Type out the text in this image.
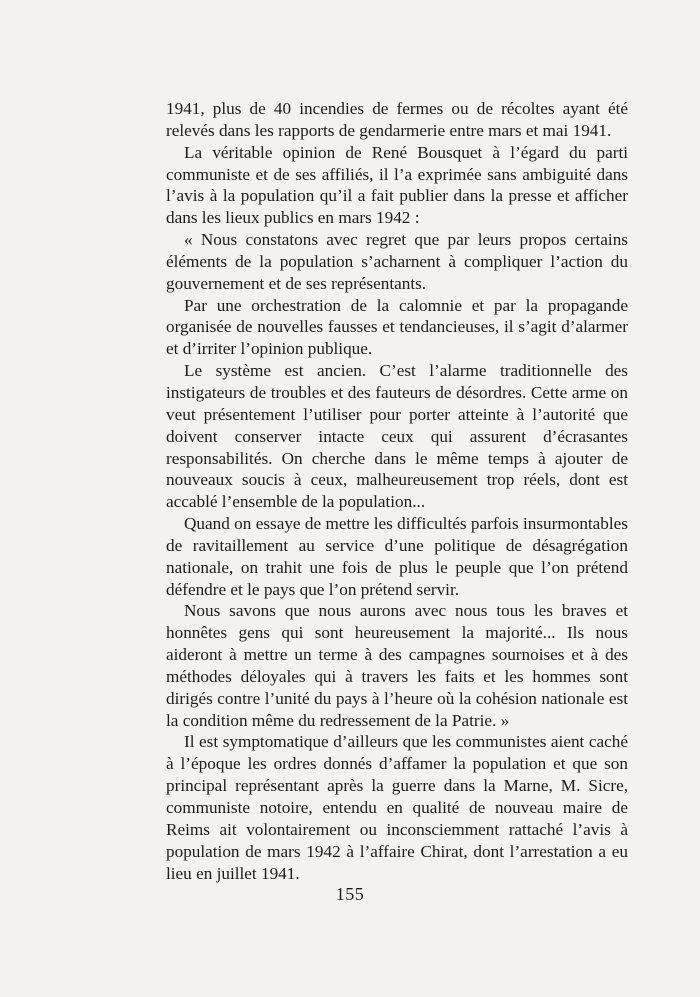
1941, plus de 40 incendies de fermes ou de récoltes ayant été relevés dans les rapports de gendarmerie entre mars et mai 1941.

La véritable opinion de René Bousquet à l’égard du parti communiste et de ses affiliés, il l’a exprimée sans ambiguité dans l’avis à la population qu’il a fait publier dans la presse et afficher dans les lieux publics en mars 1942 :

« Nous constatons avec regret que par leurs propos certains éléments de la population s’acharnent à compliquer l’action du gouvernement et de ses représentants.

Par une orchestration de la calomnie et par la propagande organisée de nouvelles fausses et tendancieuses, il s’agit d’alarmer et d’irriter l’opinion publique.

Le système est ancien. C’est l’alarme traditionnelle des instigateurs de troubles et des fauteurs de désordres. Cette arme on veut présentement l’utiliser pour porter atteinte à l’autorité que doivent conserver intacte ceux qui assurent d’écrasantes responsabilités. On cherche dans le même temps à ajouter de nouveaux soucis à ceux, malheureusement trop réels, dont est accablé l’ensemble de la population...

Quand on essaye de mettre les difficultés parfois insurmontables de ravitaillement au service d’une politique de désagrégation nationale, on trahit une fois de plus le peuple que l’on prétend défendre et le pays que l’on prétend servir.

Nous savons que nous aurons avec nous tous les braves et honnêtes gens qui sont heureusement la majorité... Ils nous aideront à mettre un terme à des campagnes sournoises et à des méthodes déloyales qui à travers les faits et les hommes sont dirigés contre l’unité du pays à l’heure où la cohésion nationale est la condition même du redressement de la Patrie. »

Il est symptomatique d’ailleurs que les communistes aient caché à l’époque les ordres donnés d’affamer la population et que son principal représentant après la guerre dans la Marne, M. Sicre, communiste notoire, entendu en qualité de nouveau maire de Reims ait volontairement ou inconsciemment rattaché l’avis à population de mars 1942 à l’affaire Chirat, dont l’arrestation a eu lieu en juillet 1941.

155
